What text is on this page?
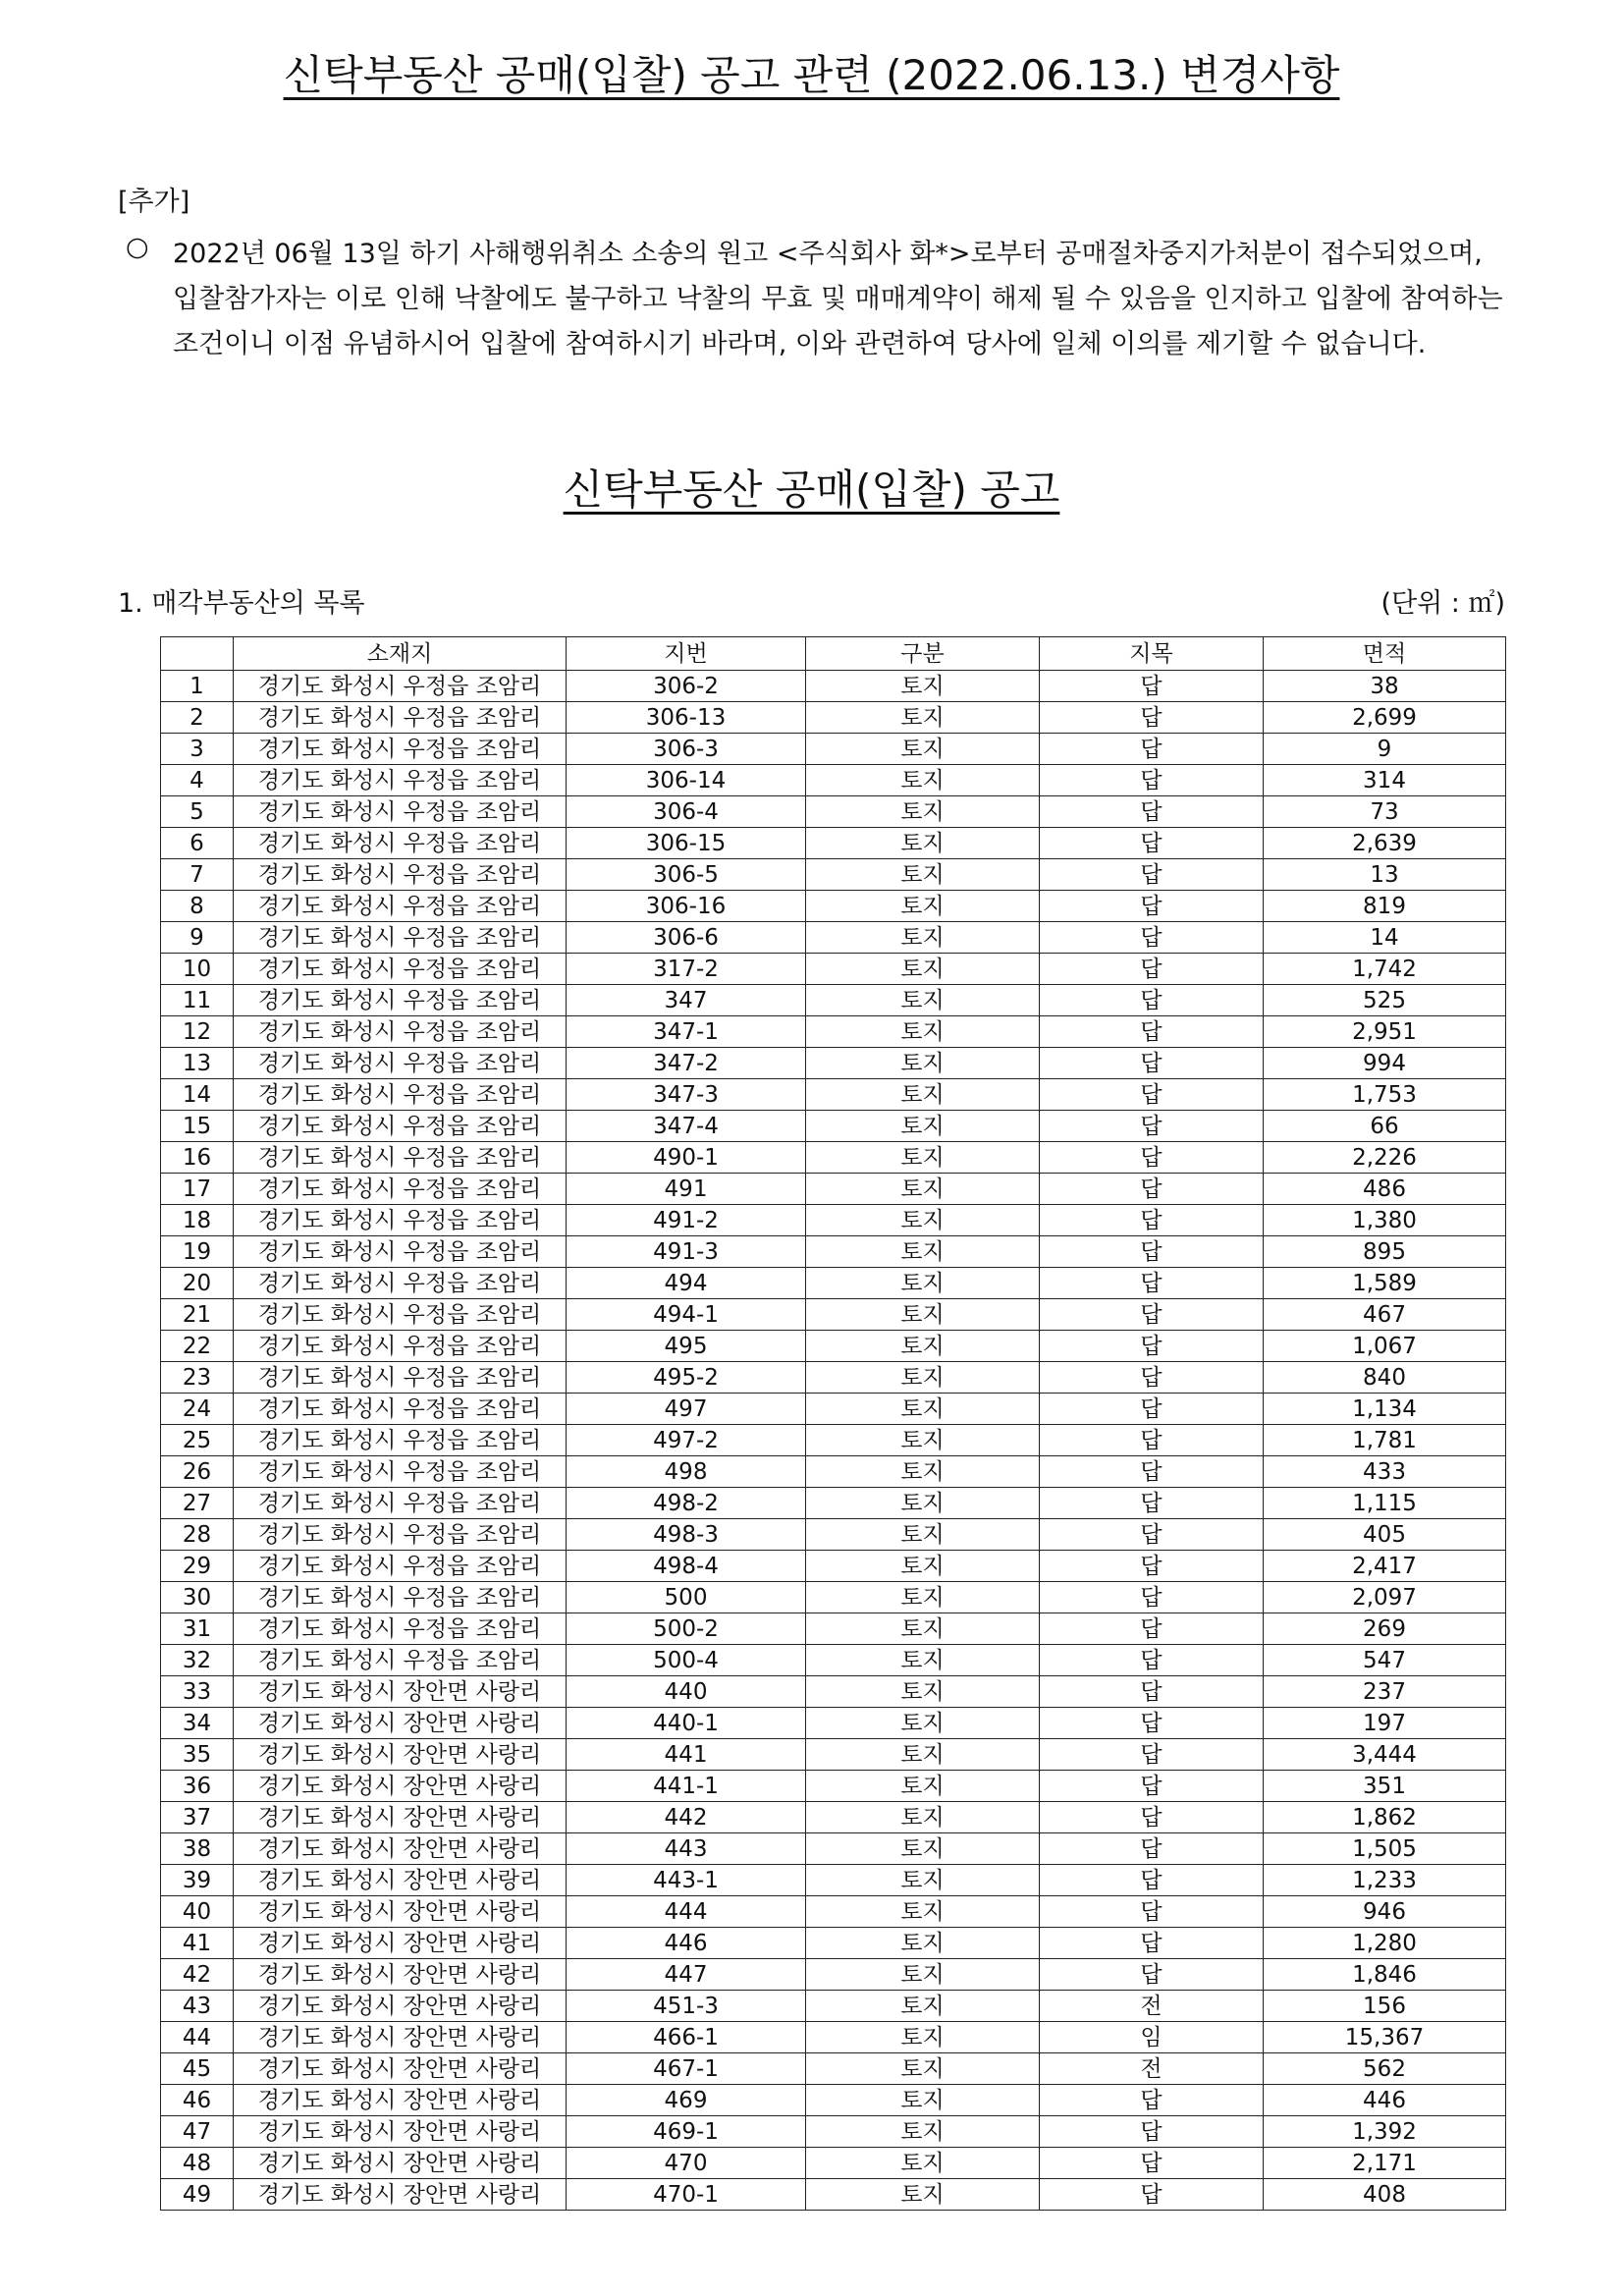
신탁부동산 공매(입찰) 공고 관련 (2022.06.13.) 변경사항
[추가]
○ 2022년 06월 13일 하기 사해행위취소 소송의 원고 <주식회사 화*>로부터 공매절차중지가처분이 접수되었으며, 입찰참가자는 이로 인해 낙찰에도 불구하고 낙찰의 무효 및 매매계약이 해제 될 수 있음을 인지하고 입찰에 참여하는 조건이니 이점 유념하시어 입찰에 참여하시기 바라며, 이와 관련하여 당사에 일체 이의를 제기할 수 없습니다.
신탁부동산 공매(입찰) 공고
1. 매각부동산의 목록	(단위 : ㎡)
	소재지	지번	구분	지목	면적
1	경기도 화성시 우정읍 조암리	306-2	토지	답	38
2	경기도 화성시 우정읍 조암리	306-13	토지	답	2,699
3	경기도 화성시 우정읍 조암리	306-3	토지	답	9
4	경기도 화성시 우정읍 조암리	306-14	토지	답	314
5	경기도 화성시 우정읍 조암리	306-4	토지	답	73
6	경기도 화성시 우정읍 조암리	306-15	토지	답	2,639
7	경기도 화성시 우정읍 조암리	306-5	토지	답	13
8	경기도 화성시 우정읍 조암리	306-16	토지	답	819
9	경기도 화성시 우정읍 조암리	306-6	토지	답	14
10	경기도 화성시 우정읍 조암리	317-2	토지	답	1,742
11	경기도 화성시 우정읍 조암리	347	토지	답	525
12	경기도 화성시 우정읍 조암리	347-1	토지	답	2,951
13	경기도 화성시 우정읍 조암리	347-2	토지	답	994
14	경기도 화성시 우정읍 조암리	347-3	토지	답	1,753
15	경기도 화성시 우정읍 조암리	347-4	토지	답	66
16	경기도 화성시 우정읍 조암리	490-1	토지	답	2,226
17	경기도 화성시 우정읍 조암리	491	토지	답	486
18	경기도 화성시 우정읍 조암리	491-2	토지	답	1,380
19	경기도 화성시 우정읍 조암리	491-3	토지	답	895
20	경기도 화성시 우정읍 조암리	494	토지	답	1,589
21	경기도 화성시 우정읍 조암리	494-1	토지	답	467
22	경기도 화성시 우정읍 조암리	495	토지	답	1,067
23	경기도 화성시 우정읍 조암리	495-2	토지	답	840
24	경기도 화성시 우정읍 조암리	497	토지	답	1,134
25	경기도 화성시 우정읍 조암리	497-2	토지	답	1,781
26	경기도 화성시 우정읍 조암리	498	토지	답	433
27	경기도 화성시 우정읍 조암리	498-2	토지	답	1,115
28	경기도 화성시 우정읍 조암리	498-3	토지	답	405
29	경기도 화성시 우정읍 조암리	498-4	토지	답	2,417
30	경기도 화성시 우정읍 조암리	500	토지	답	2,097
31	경기도 화성시 우정읍 조암리	500-2	토지	답	269
32	경기도 화성시 우정읍 조암리	500-4	토지	답	547
33	경기도 화성시 장안면 사랑리	440	토지	답	237
34	경기도 화성시 장안면 사랑리	440-1	토지	답	197
35	경기도 화성시 장안면 사랑리	441	토지	답	3,444
36	경기도 화성시 장안면 사랑리	441-1	토지	답	351
37	경기도 화성시 장안면 사랑리	442	토지	답	1,862
38	경기도 화성시 장안면 사랑리	443	토지	답	1,505
39	경기도 화성시 장안면 사랑리	443-1	토지	답	1,233
40	경기도 화성시 장안면 사랑리	444	토지	답	946
41	경기도 화성시 장안면 사랑리	446	토지	답	1,280
42	경기도 화성시 장안면 사랑리	447	토지	답	1,846
43	경기도 화성시 장안면 사랑리	451-3	토지	전	156
44	경기도 화성시 장안면 사랑리	466-1	토지	임	15,367
45	경기도 화성시 장안면 사랑리	467-1	토지	전	562
46	경기도 화성시 장안면 사랑리	469	토지	답	446
47	경기도 화성시 장안면 사랑리	469-1	토지	답	1,392
48	경기도 화성시 장안면 사랑리	470	토지	답	2,171
49	경기도 화성시 장안면 사랑리	470-1	토지	답	408
